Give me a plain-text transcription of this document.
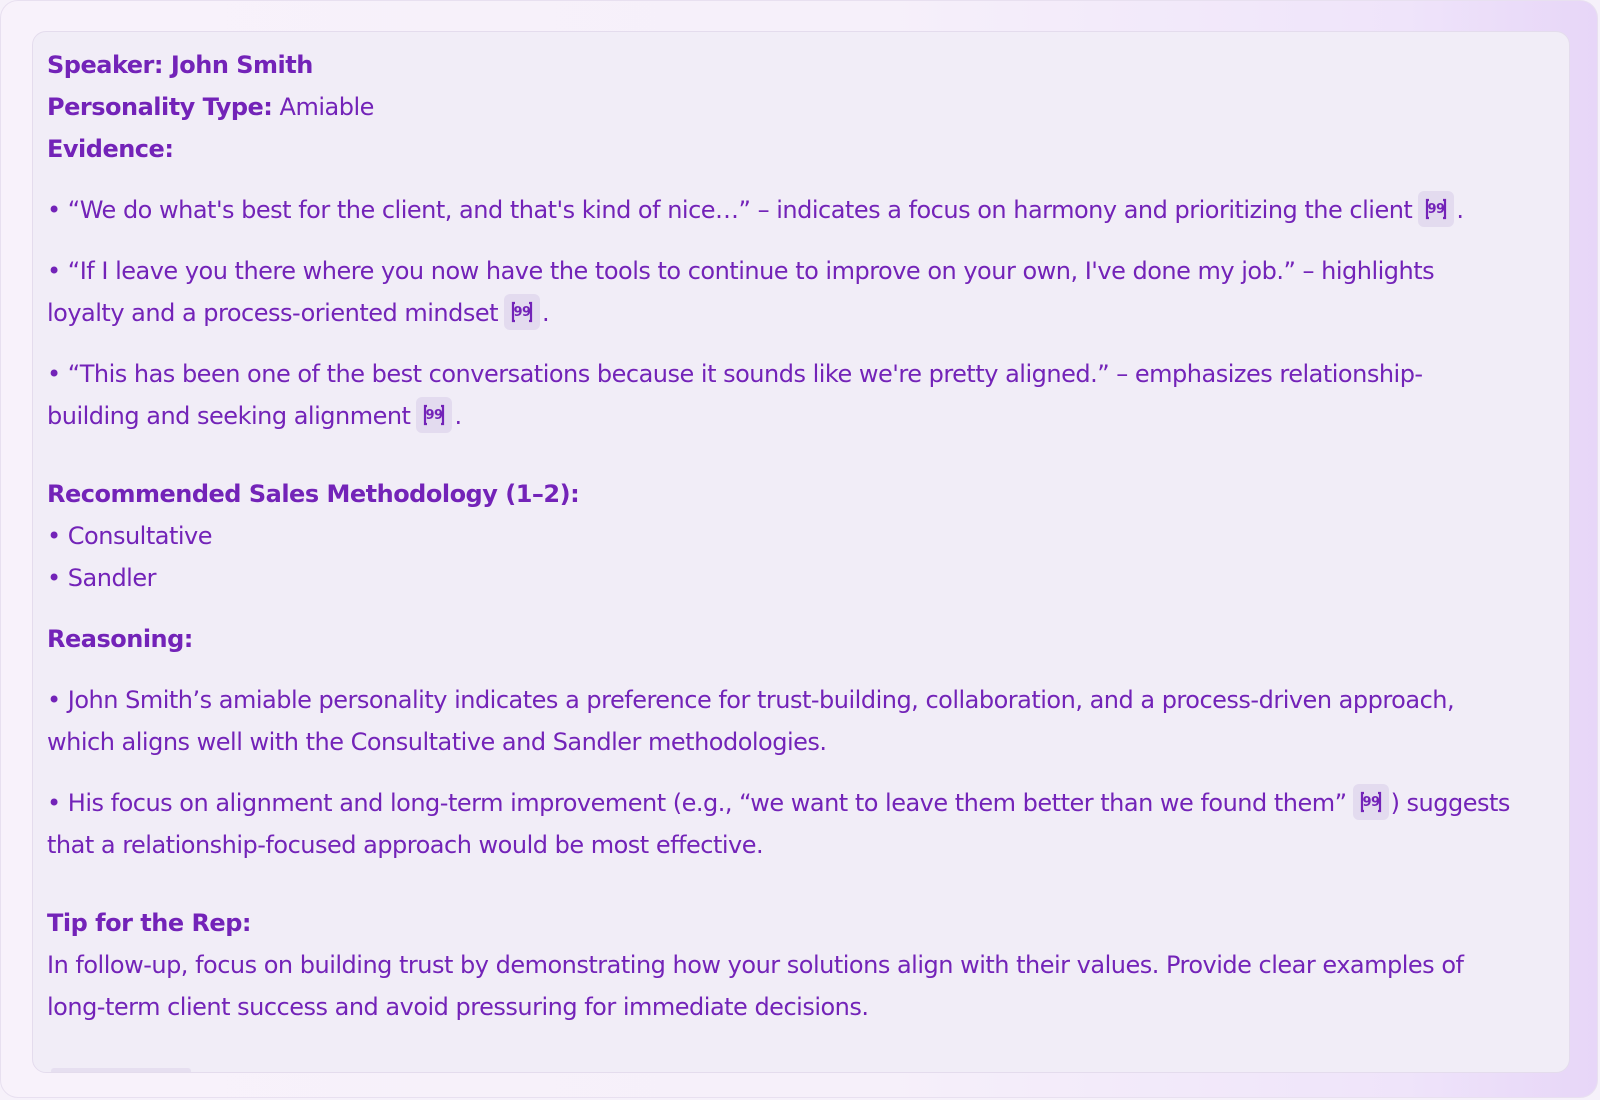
Speaker: John Smith
Personality Type: Amiable
Evidence:
• “We do what's best for the client, and that's kind of nice…” – indicates a focus on harmony and prioritizing the client 99 .
• “If I leave you there where you now have the tools to continue to improve on your own, I've done my job.” – highlights
loyalty and a process-oriented mindset 99 .
• “This has been one of the best conversations because it sounds like we're pretty aligned.” – emphasizes relationship-
building and seeking alignment 99 .
Recommended Sales Methodology (1–2):
• Consultative
• Sandler
Reasoning:
• John Smith’s amiable personality indicates a preference for trust-building, collaboration, and a process-driven approach,
which aligns well with the Consultative and Sandler methodologies.
• His focus on alignment and long-term improvement (e.g., “we want to leave them better than we found them” 99 ) suggests
that a relationship-focused approach would be most effective.
Tip for the Rep:
In follow-up, focus on building trust by demonstrating how your solutions align with their values. Provide clear examples of
long-term client success and avoid pressuring for immediate decisions.
